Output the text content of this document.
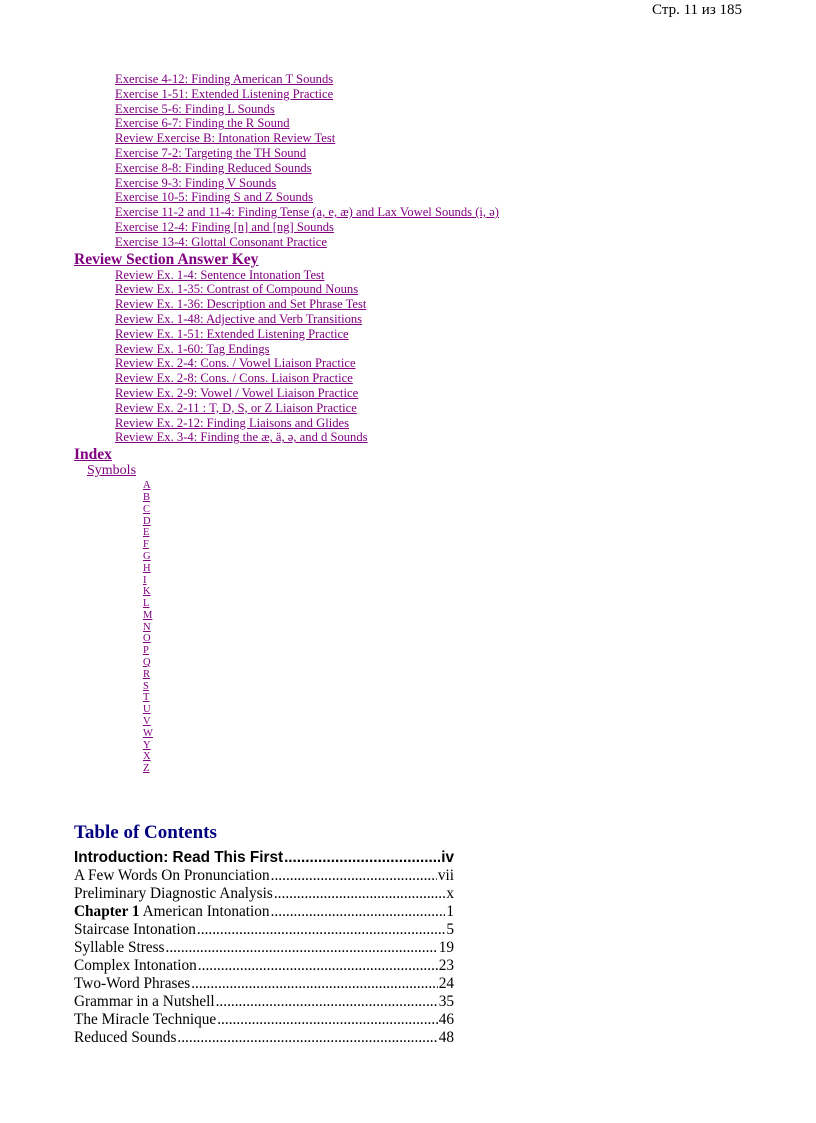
Стр. 11 из 185
Exercise 4-12: Finding American T Sounds
Exercise 1-51: Extended Listening Practice
Exercise 5-6: Finding L Sounds
Exercise 6-7: Finding the R Sound
Review Exercise B: Intonation Review Test
Exercise 7-2: Targeting the TH Sound
Exercise 8-8: Finding Reduced Sounds
Exercise 9-3: Finding V Sounds
Exercise 10-5: Finding S and Z Sounds
Exercise 11-2 and 11-4: Finding Tense (a, e, æ) and Lax Vowel Sounds (i, ə)
Exercise 12-4: Finding [n] and [ng] Sounds
Exercise 13-4: Glottal Consonant Practice
Review Section Answer Key
Review Ex. 1-4: Sentence Intonation Test
Review Ex. 1-35: Contrast of Compound Nouns
Review Ex. 1-36: Description and Set Phrase Test
Review Ex. 1-48: Adjective and Verb Transitions
Review Ex. 1-51: Extended Listening Practice
Review Ex. 1-60: Tag Endings
Review Ex. 2-4: Cons. / Vowel Liaison Practice
Review Ex. 2-8: Cons. / Cons. Liaison Practice
Review Ex. 2-9: Vowel / Vowel Liaison Practice
Review Ex. 2-11 : T, D, S, or Z Liaison Practice
Review Ex. 2-12: Finding Liaisons and Glides
Review Ex. 3-4: Finding the æ, ä, ə, and d Sounds
Index
Symbols
A
B
C
D
E
F
G
H
I
K
L
M
N
O
P
Q
R
S
T
U
V
W
Y
X
Z
Table of Contents
Introduction: Read This First .....	iv
A Few Words On Pronunciation .....	vii
Preliminary Diagnostic Analysis .....	x
Chapter 1 American Intonation .....	1
Staircase Intonation .....	5
Syllable Stress .....	19
Complex Intonation .....	23
Two-Word Phrases .....	24
Grammar in a Nutshell .....	35
The Miracle Technique .....	46
Reduced Sounds .....	48
